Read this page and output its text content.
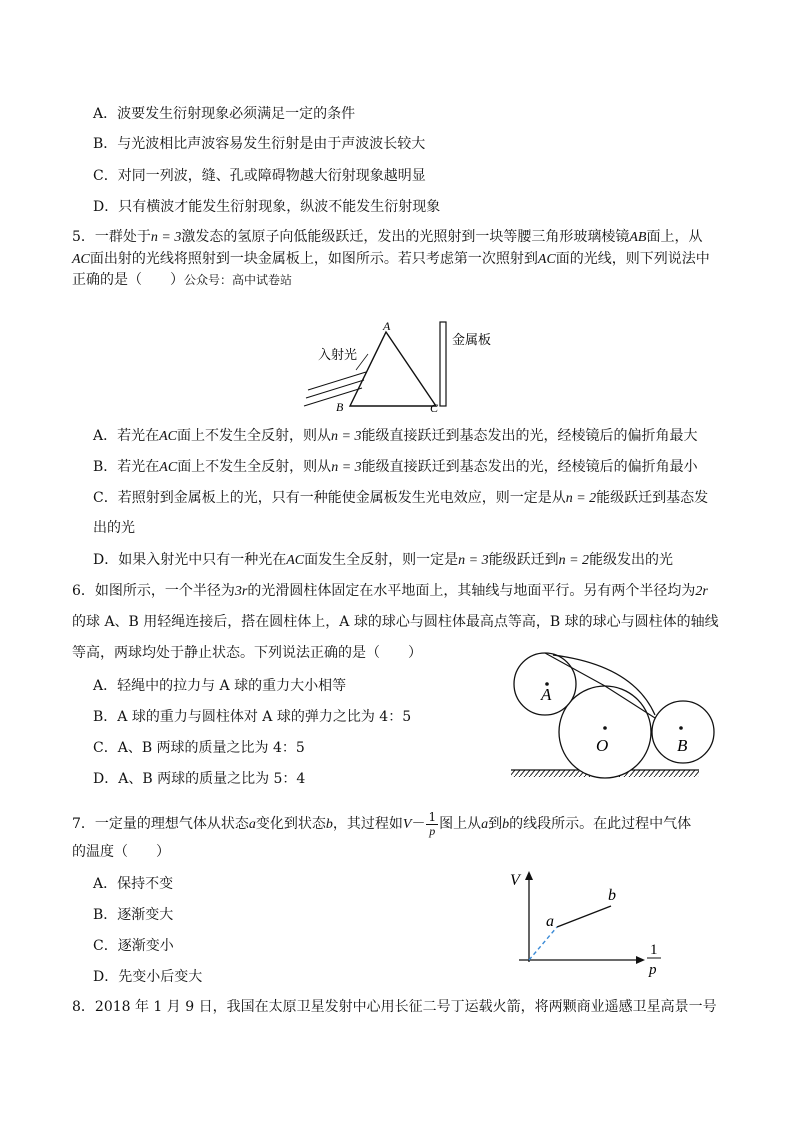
A．波要发生衍射现象必须满足一定的条件
B．与光波相比声波容易发生衍射是由于声波波长较大
C．对同一列波，缝、孔或障碍物越大衍射现象越明显
D．只有横波才能发生衍射现象，纵波不能发生衍射现象
5．一群处于n = 3激发态的氢原子向低能级跃迁，发出的光照射到一块等腰三角形玻璃棱镜AB面上，从
AC面出射的光线将照射到一块金属板上，如图所示。若只考虑第一次照射到AC面的光线，则下列说法中
正确的是（　　）公众号：高中试卷站
入射光
A
B	C
金属板
A．若光在AC面上不发生全反射，则从n = 3能级直接跃迁到基态发出的光，经棱镜后的偏折角最大
B．若光在AC面上不发生全反射，则从n = 3能级直接跃迁到基态发出的光，经棱镜后的偏折角最小
C．若照射到金属板上的光，只有一种能使金属板发生光电效应，则一定是从n = 2能级跃迁到基态发
出的光
D．如果入射光中只有一种光在AC面发生全反射，则一定是n = 3能级跃迁到n = 2能级发出的光
6．如图所示，一个半径为3r的光滑圆柱体固定在水平地面上，其轴线与地面平行。另有两个半径均为2r
的球 A、B 用轻绳连接后，搭在圆柱体上，A 球的球心与圆柱体最高点等高，B 球的球心与圆柱体的轴线
等高，两球均处于静止状态。下列说法正确的是（　　）
A．轻绳中的拉力与 A 球的重力大小相等
B．A 球的重力与圆柱体对 A 球的弹力之比为 4：5
C．A、B 两球的质量之比为 4：5
D．A、B 两球的质量之比为 5：4
A
O	B
7．一定量的理想气体从状态a变化到状态b，其过程如$V- \frac{1}{p}$ 图上从a到b的线段所示。在此过程中气体
的温度（　　）
A．保持不变
B．逐渐变大
C．逐渐变小
D．先变小后变大
V
a
b
1
p
8．2018 年 1 月 9 日，我国在太原卫星发射中心用长征二号丁运载火箭，将两颗商业遥感卫星高景一号
